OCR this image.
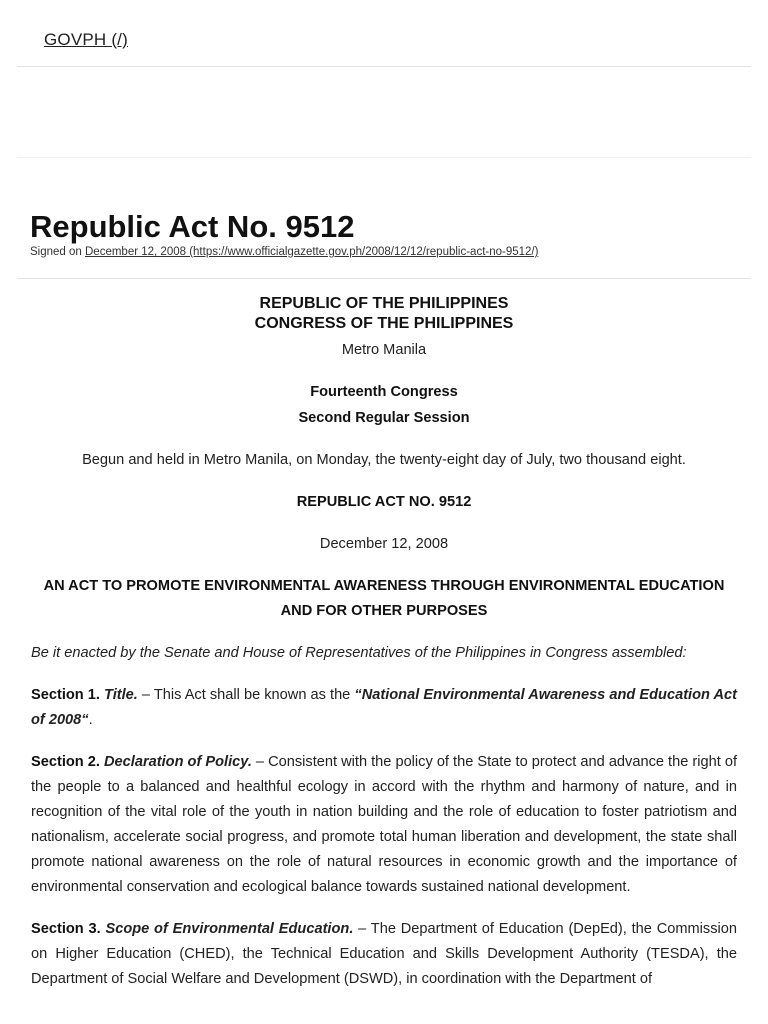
GOVPH (/)
Republic Act No. 9512
Signed on December 12, 2008 (https://www.officialgazette.gov.ph/2008/12/12/republic-act-no-9512/)

REPUBLIC OF THE PHILIPPINES

CONGRESS OF THE PHILIPPINES

Metro Manila

Fourteenth Congress

Second Regular Session

Begun and held in Metro Manila, on Monday, the twenty-eight day of July, two thousand eight.

REPUBLIC ACT NO. 9512

December 12, 2008

AN ACT TO PROMOTE ENVIRONMENTAL AWARENESS THROUGH ENVIRONMENTAL EDUCATION AND FOR OTHER PURPOSES

Be it enacted by the Senate and House of Representatives of the Philippines in Congress assembled:

Section 1. Title. – This Act shall be known as the “National Environmental Awareness and Education Act of 2008“.

Section 2. Declaration of Policy. – Consistent with the policy of the State to protect and advance the right of the people to a balanced and healthful ecology in accord with the rhythm and harmony of nature, and in recognition of the vital role of the youth in nation building and the role of education to foster patriotism and nationalism, accelerate social progress, and promote total human liberation and development, the state shall promote national awareness on the role of natural resources in economic growth and the importance of environmental conservation and ecological balance towards sustained national development.

Section 3. Scope of Environmental Education. – The Department of Education (DepEd), the Commission on Higher Education (CHED), the Technical Education and Skills Development Authority (TESDA), the Department of Social Welfare and Development (DSWD), in coordination with the Department of
